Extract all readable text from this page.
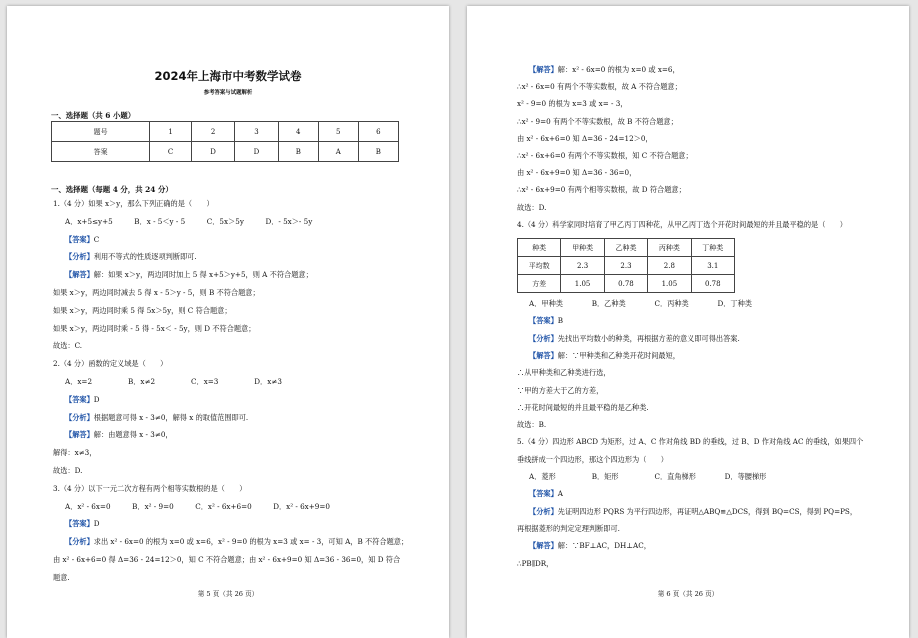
2024年上海市中考数学试卷
参考答案与试题解析
一、选择题（共 6 小题）
题号	1	2	3	4	5	6
答案	C	D	D	B	A	B
一、选择题（每题 4 分，共 24 分）
1.（4 分）如果 x＞y，那么下列正确的是（　　）
A．x+5≤y+5　　　B．x - 5＜y - 5　　　C．5x＞5y　　　D．- 5x＞- 5y
【答案】C
【分析】利用不等式的性质逐项判断即可.
【解答】解：如果 x＞y，两边同时加上 5 得 x+5＞y+5，则 A 不符合题意；
如果 x＞y，两边同时减去 5 得 x - 5＞y - 5，则 B 不符合题意；
如果 x＞y，两边同时乘 5 得 5x＞5y，则 C 符合题意；
如果 x＞y，两边同时乘 - 5 得 - 5x＜ - 5y，则 D 不符合题意；
故选：C.
2.（4 分）函数的定义域是（　　）
A．x=2　　　　　B．x≠2　　　　　C．x=3　　　　　D．x≠3
【答案】D
【分析】根据题意可得 x - 3≠0，解得 x 的取值范围即可.
【解答】解：由题意得 x - 3≠0，
解得：x≠3，
故选：D.
3.（4 分）以下一元二次方程有两个相等实数根的是（　　）
A．x² - 6x=0　　　B．x² - 9=0　　　C．x² - 6x+6=0　　　D．x² - 6x+9=0
【答案】D
【分析】求出 x² - 6x=0 的根为 x=0 或 x=6，x² - 9=0 的根为 x=3 或 x= - 3，可知 A，B 不符合题意；
由 x² - 6x+6=0 得 Δ=36 - 24=12＞0，知 C 不符合题意；由 x² - 6x+9=0 知 Δ=36 - 36=0，知 D 符合
题意.
第 5 页（共 26 页）
【解答】解：x² - 6x=0 的根为 x=0 或 x=6，
∴x² - 6x=0 有两个不等实数根，故 A 不符合题意；
x² - 9=0 的根为 x=3 或 x= - 3，
∴x² - 9=0 有两个不等实数根，故 B 不符合题意；
由 x² - 6x+6=0 知 Δ=36 - 24=12＞0，
∴x² - 6x+6=0 有两个不等实数根，知 C 不符合题意；
由 x² - 6x+9=0 知 Δ=36 - 36=0，
∴x² - 6x+9=0 有两个相等实数根，故 D 符合题意；
故选：D.
4.（4 分）科学家同时培育了甲乙丙丁四种花，从甲乙丙丁选个开花时间最短的并且最平稳的是（　　）
种类	甲种类	乙种类	丙种类	丁种类
平均数	2.3	2.3	2.8	3.1
方差	1.05	0.78	1.05	0.78
A．甲种类　　　　B．乙种类　　　　C．丙种类　　　　D．丁种类
【答案】B
【分析】先找出平均数小的种类，再根据方差的意义即可得出答案.
【解答】解：∵甲种类和乙种类开花时间最短，
∴从甲种类和乙种类进行选，
∵甲的方差大于乙的方差，
∴开花时间最短的并且最平稳的是乙种类.
故选：B.
5.（4 分）四边形 ABCD 为矩形，过 A、C 作对角线 BD 的垂线，过 B、D 作对角线 AC 的垂线，如果四个
垂线拼成一个四边形，那这个四边形为（　　）
A．菱形　　　　　B．矩形　　　　　C．直角梯形　　　　D．等腰梯形
【答案】A
【分析】先证明四边形 PQRS 为平行四边形，再证明△ABQ≌△DCS，得到 BQ=CS，得到 PQ=PS，
再根据菱形的判定定理判断即可.
【解答】解：∵BF⊥AC，DH⊥AC，
∴PB∥DR，
第 6 页（共 26 页）
